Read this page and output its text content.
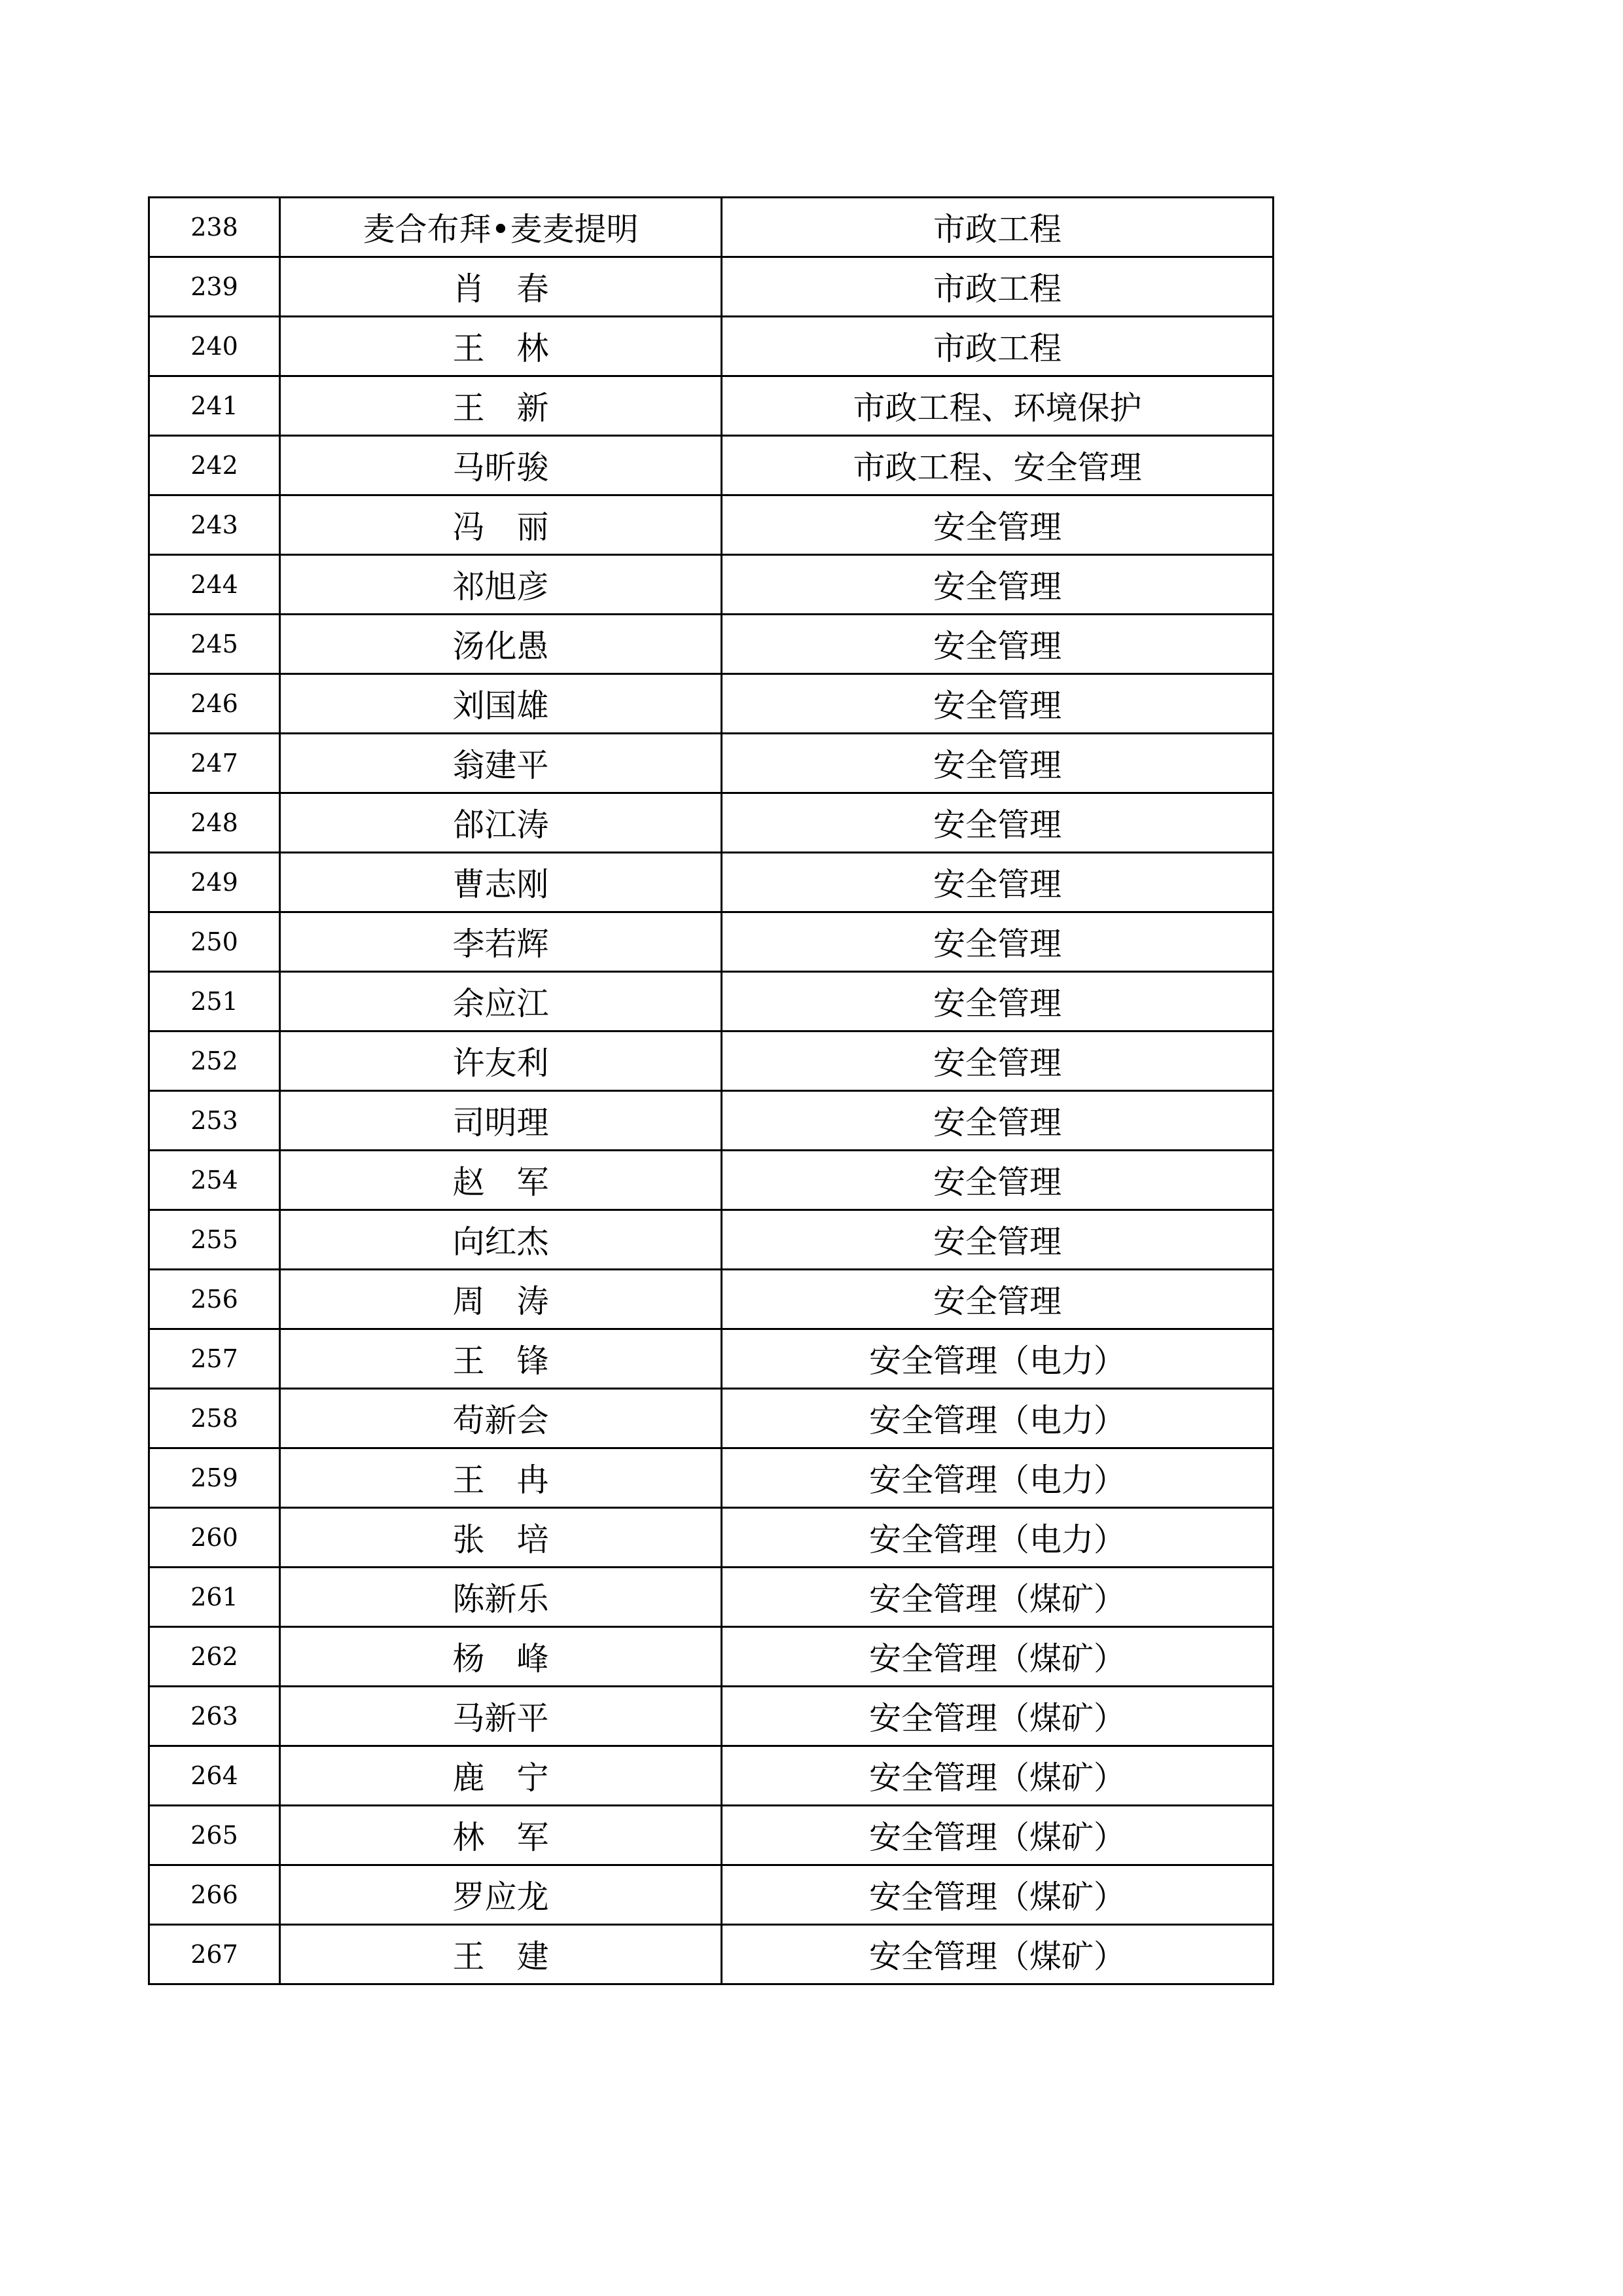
238	麦合布拜•麦麦提明	市政工程
239	肖　春	市政工程
240	王　林	市政工程
241	王　新	市政工程、环境保护
242	马昕骏	市政工程、安全管理
243	冯　丽	安全管理
244	祁旭彦	安全管理
245	汤化愚	安全管理
246	刘国雄	安全管理
247	翁建平	安全管理
248	郃江涛	安全管理
249	曹志刚	安全管理
250	李若辉	安全管理
251	余应江	安全管理
252	许友利	安全管理
253	司明理	安全管理
254	赵　军	安全管理
255	向红杰	安全管理
256	周　涛	安全管理
257	王　锋	安全管理（电力）
258	苟新会	安全管理（电力）
259	王　冉	安全管理（电力）
260	张　培	安全管理（电力）
261	陈新乐	安全管理（煤矿）
262	杨　峰	安全管理（煤矿）
263	马新平	安全管理（煤矿）
264	鹿　宁	安全管理（煤矿）
265	林　军	安全管理（煤矿）
266	罗应龙	安全管理（煤矿）
267	王　建	安全管理（煤矿）
